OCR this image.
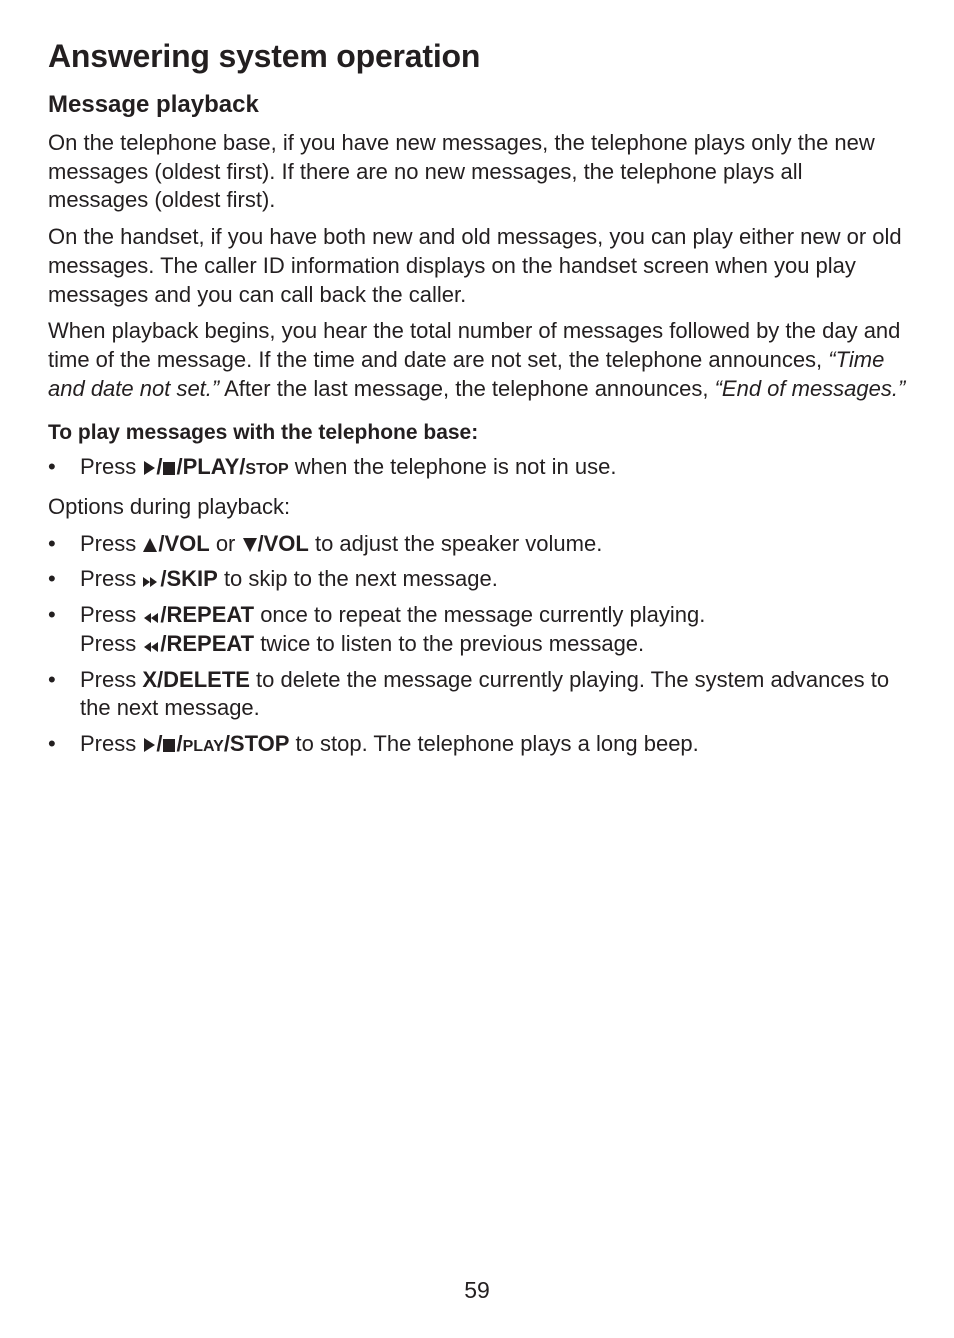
Answering system operation
Message playback

On the telephone base, if you have new messages, the telephone plays only the new messages (oldest first). If there are no new messages, the telephone plays all messages (oldest first).

On the handset, if you have both new and old messages, you can play either new or old messages. The caller ID information displays on the handset screen when you play messages and you can call back the caller.

When playback begins, you hear the total number of messages followed by the day and time of the message. If the time and date are not set, the telephone announces, “Time and date not set.” After the last message, the telephone announces, “End of messages.”

To play messages with the telephone base:
• Press / /PLAY/STOP when the telephone is not in use.

Options during playback:

• Press /VOL or /VOL to adjust the speaker volume.
• Press /SKIP to skip to the next message.
• Press /REPEAT once to repeat the message currently playing.
Press /REPEAT twice to listen to the previous message.
• Press X/DELETE to delete the message currently playing. The system advances to the next message.
• Press / /PLAY/STOP to stop. The telephone plays a long beep.
59
